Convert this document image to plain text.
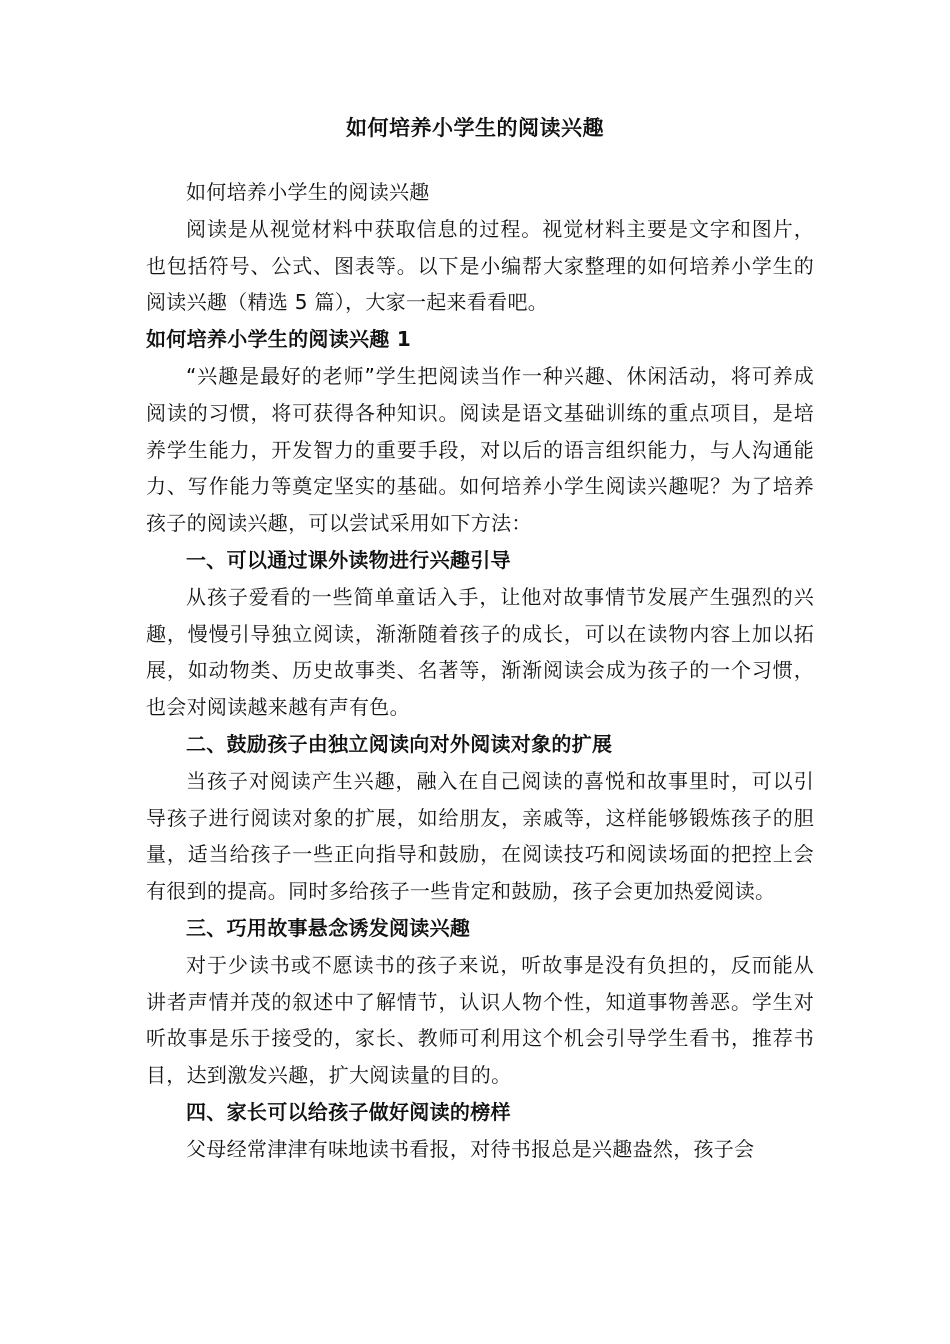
如何培养小学生的阅读兴趣

如何培养小学生的阅读兴趣

阅读是从视觉材料中获取信息的过程。视觉材料主要是文字和图片，也包括符号、公式、图表等。以下是小编帮大家整理的如何培养小学生的阅读兴趣（精选 5 篇），大家一起来看看吧。

如何培养小学生的阅读兴趣 1

“兴趣是最好的老师”学生把阅读当作一种兴趣、休闲活动，将可养成阅读的习惯，将可获得各种知识。阅读是语文基础训练的重点项目，是培养学生能力，开发智力的重要手段，对以后的语言组织能力，与人沟通能力、写作能力等奠定坚实的基础。如何培养小学生阅读兴趣呢？为了培养孩子的阅读兴趣，可以尝试采用如下方法：

一、可以通过课外读物进行兴趣引导

从孩子爱看的一些简单童话入手，让他对故事情节发展产生强烈的兴趣，慢慢引导独立阅读，渐渐随着孩子的成长，可以在读物内容上加以拓展，如动物类、历史故事类、名著等，渐渐阅读会成为孩子的一个习惯，也会对阅读越来越有声有色。

二、鼓励孩子由独立阅读向对外阅读对象的扩展

当孩子对阅读产生兴趣，融入在自己阅读的喜悦和故事里时，可以引导孩子进行阅读对象的扩展，如给朋友，亲戚等，这样能够锻炼孩子的胆量，适当给孩子一些正向指导和鼓励，在阅读技巧和阅读场面的把控上会有很到的提高。同时多给孩子一些肯定和鼓励，孩子会更加热爱阅读。

三、巧用故事悬念诱发阅读兴趣

对于少读书或不愿读书的孩子来说，听故事是没有负担的，反而能从讲者声情并茂的叙述中了解情节，认识人物个性，知道事物善恶。学生对听故事是乐于接受的，家长、教师可利用这个机会引导学生看书，推荐书目，达到激发兴趣，扩大阅读量的目的。

四、家长可以给孩子做好阅读的榜样

父母经常津津有味地读书看报，对待书报总是兴趣盎然，孩子会
